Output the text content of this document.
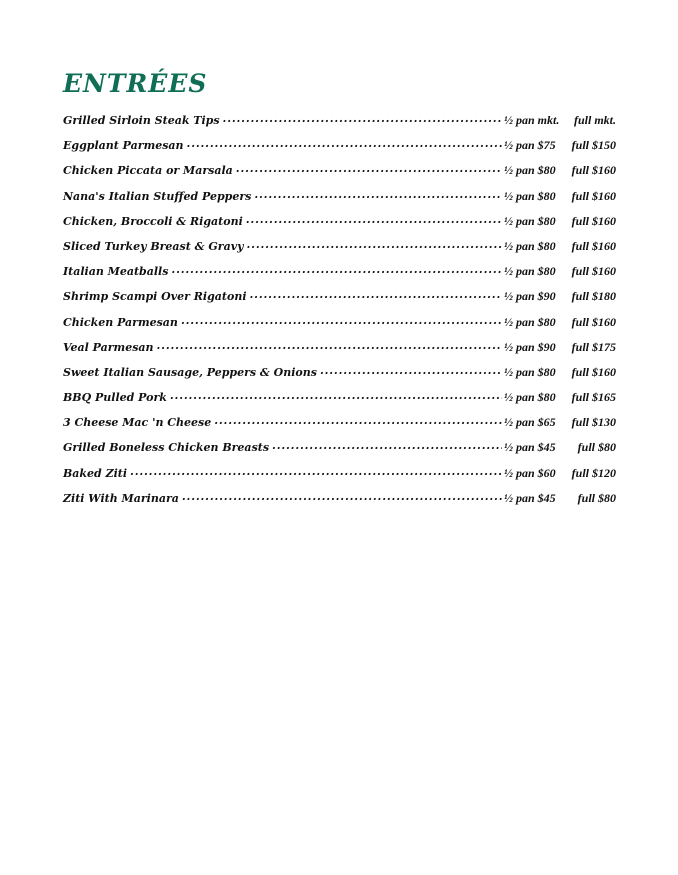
ENTRÉES
Grilled Sirloin Steak Tips . . .	½ pan mkt.	full mkt.
Eggplant Parmesan . . .	½ pan $75	full $150
Chicken Piccata or Marsala . . .	½ pan $80	full $160
Nana's Italian Stuffed Peppers . . .	½ pan $80	full $160
Chicken, Broccoli & Rigatoni . . .	½ pan $80	full $160
Sliced Turkey Breast & Gravy . . .	½ pan $80	full $160
Italian Meatballs . . .	½ pan $80	full $160
Shrimp Scampi Over Rigatoni . . .	½ pan $90	full $180
Chicken Parmesan . . .	½ pan $80	full $160
Veal Parmesan . . .	½ pan $90	full $175
Sweet Italian Sausage, Peppers & Onions . . .	½ pan $80	full $160
BBQ Pulled Pork . . .	½ pan $80	full $165
3 Cheese Mac 'n Cheese . . .	½ pan $65	full $130
Grilled Boneless Chicken Breasts . . .	½ pan $45	full $80
Baked Ziti . . .	½ pan $60	full $120
Ziti With Marinara . . .	½ pan $45	full $80
